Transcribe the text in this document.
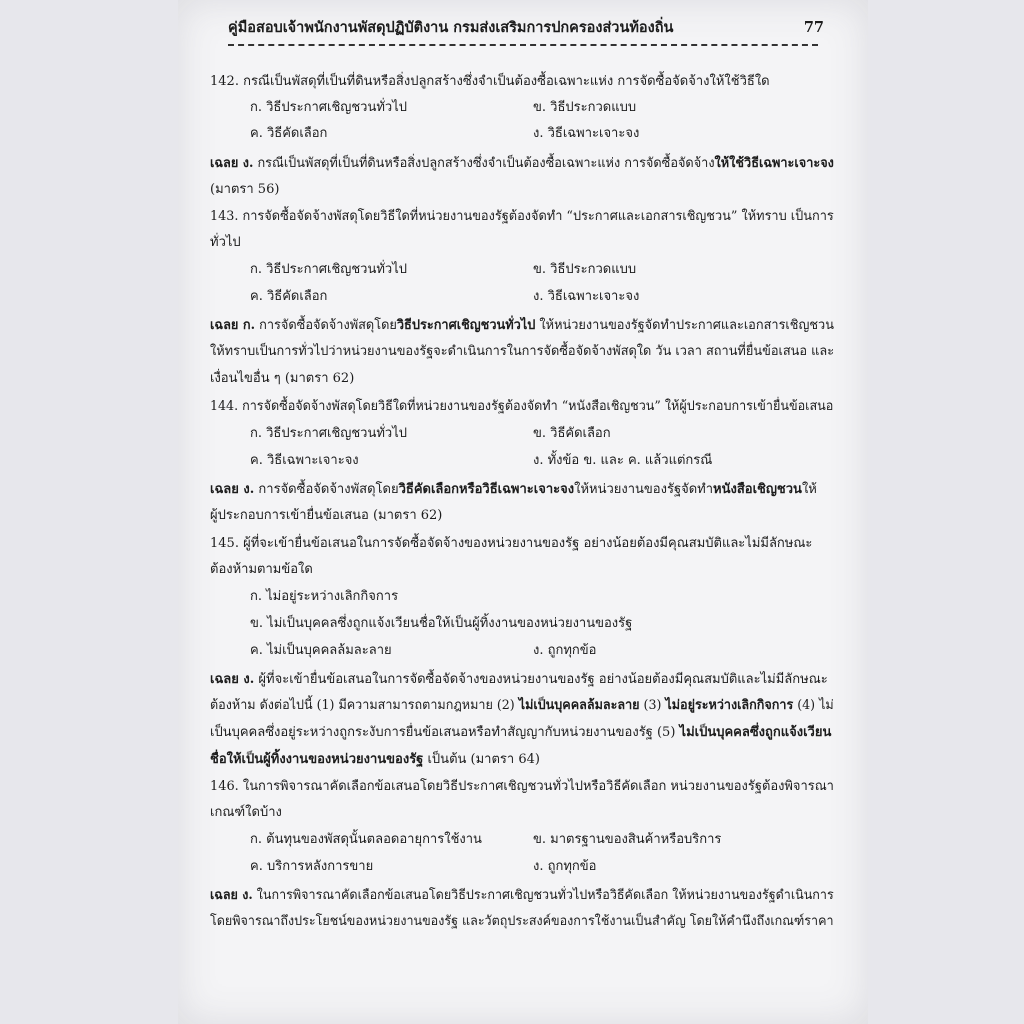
คู่มือสอบเจ้าพนักงานพัสดุปฏิบัติงาน กรมส่งเสริมการปกครองส่วนท้องถิ่น	77
142. กรณีเป็นพัสดุที่เป็นที่ดินหรือสิ่งปลูกสร้างซึ่งจำเป็นต้องซื้อเฉพาะแห่ง การจัดซื้อจัดจ้างให้ใช้วิธีใด
ก. วิธีประกาศเชิญชวนทั่วไป	ข. วิธีประกวดแบบ
ค. วิธีคัดเลือก	ง. วิธีเฉพาะเจาะจง
เฉลย ง. กรณีเป็นพัสดุที่เป็นที่ดินหรือสิ่งปลูกสร้างซึ่งจำเป็นต้องซื้อเฉพาะแห่ง การจัดซื้อจัดจ้างให้ใช้วิธีเฉพาะเจาะจง
(มาตรา 56)
143. การจัดซื้อจัดจ้างพัสดุโดยวิธีใดที่หน่วยงานของรัฐต้องจัดทำ “ประกาศและเอกสารเชิญชวน” ให้ทราบ เป็นการ
ทั่วไป
ก. วิธีประกาศเชิญชวนทั่วไป	ข. วิธีประกวดแบบ
ค. วิธีคัดเลือก	ง. วิธีเฉพาะเจาะจง
เฉลย ก. การจัดซื้อจัดจ้างพัสดุโดยวิธีประกาศเชิญชวนทั่วไป ให้หน่วยงานของรัฐจัดทำประกาศและเอกสารเชิญชวน
ให้ทราบเป็นการทั่วไปว่าหน่วยงานของรัฐจะดำเนินการในการจัดซื้อจัดจ้างพัสดุใด วัน เวลา สถานที่ยื่นข้อเสนอ และ
เงื่อนไขอื่น ๆ (มาตรา 62)
144. การจัดซื้อจัดจ้างพัสดุโดยวิธีใดที่หน่วยงานของรัฐต้องจัดทำ “หนังสือเชิญชวน” ให้ผู้ประกอบการเข้ายื่นข้อเสนอ
ก. วิธีประกาศเชิญชวนทั่วไป	ข. วิธีคัดเลือก
ค. วิธีเฉพาะเจาะจง	ง. ทั้งข้อ ข. และ ค. แล้วแต่กรณี
เฉลย ง. การจัดซื้อจัดจ้างพัสดุโดยวิธีคัดเลือกหรือวิธีเฉพาะเจาะจงให้หน่วยงานของรัฐจัดทำหนังสือเชิญชวนให้
ผู้ประกอบการเข้ายื่นข้อเสนอ (มาตรา 62)
145. ผู้ที่จะเข้ายื่นข้อเสนอในการจัดซื้อจัดจ้างของหน่วยงานของรัฐ อย่างน้อยต้องมีคุณสมบัติและไม่มีลักษณะ
ต้องห้ามตามข้อใด
ก. ไม่อยู่ระหว่างเลิกกิจการ
ข. ไม่เป็นบุคคลซึ่งถูกแจ้งเวียนชื่อให้เป็นผู้ทิ้งงานของหน่วยงานของรัฐ
ค. ไม่เป็นบุคคลล้มละลาย	ง. ถูกทุกข้อ
เฉลย ง. ผู้ที่จะเข้ายื่นข้อเสนอในการจัดซื้อจัดจ้างของหน่วยงานของรัฐ อย่างน้อยต้องมีคุณสมบัติและไม่มีลักษณะ
ต้องห้าม ดังต่อไปนี้ (1) มีความสามารถตามกฎหมาย (2) ไม่เป็นบุคคลล้มละลาย (3) ไม่อยู่ระหว่างเลิกกิจการ (4) ไม่
เป็นบุคคลซึ่งอยู่ระหว่างถูกระงับการยื่นข้อเสนอหรือทำสัญญากับหน่วยงานของรัฐ (5) ไม่เป็นบุคคลซึ่งถูกแจ้งเวียน
ชื่อให้เป็นผู้ทิ้งงานของหน่วยงานของรัฐ เป็นต้น (มาตรา 64)
146. ในการพิจารณาคัดเลือกข้อเสนอโดยวิธีประกาศเชิญชวนทั่วไปหรือวิธีคัดเลือก หน่วยงานของรัฐต้องพิจารณา
เกณฑ์ใดบ้าง
ก. ต้นทุนของพัสดุนั้นตลอดอายุการใช้งาน	ข. มาตรฐานของสินค้าหรือบริการ
ค. บริการหลังการขาย	ง. ถูกทุกข้อ
เฉลย ง. ในการพิจารณาคัดเลือกข้อเสนอโดยวิธีประกาศเชิญชวนทั่วไปหรือวิธีคัดเลือก ให้หน่วยงานของรัฐดำเนินการ
โดยพิจารณาถึงประโยชน์ของหน่วยงานของรัฐ และวัตถุประสงค์ของการใช้งานเป็นสำคัญ โดยให้คำนึงถึงเกณฑ์ราคา
